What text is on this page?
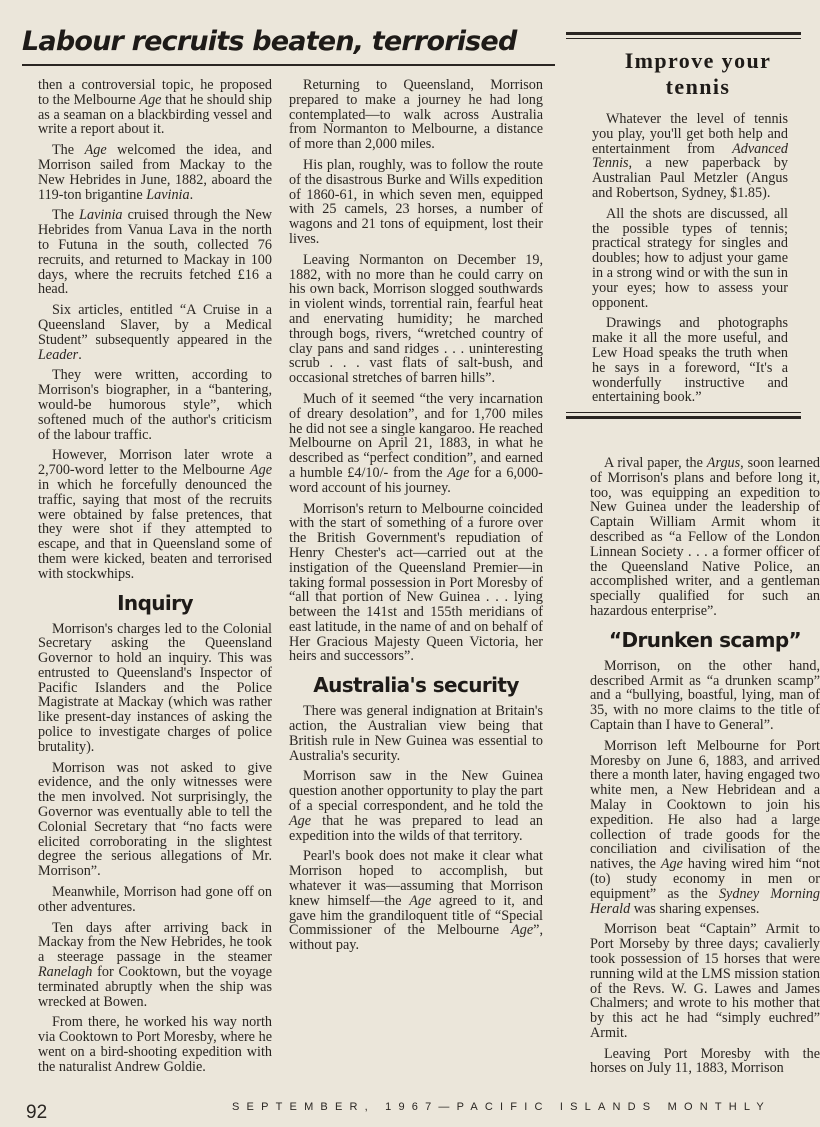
Labour recruits beaten, terrorised

then a controversial topic, he proposed to the Melbourne Age that he should ship as a seaman on a blackbirding vessel and write a report about it.

The Age welcomed the idea, and Morrison sailed from Mackay to the New Hebrides in June, 1882, aboard the 119-ton brigantine Lavinia.

The Lavinia cruised through the New Hebrides from Vanua Lava in the north to Futuna in the south, collected 76 recruits, and returned to Mackay in 100 days, where the recruits fetched £16 a head.

Six articles, entitled “A Cruise in a Queensland Slaver, by a Medical Student” subsequently appeared in the Leader.

They were written, according to Morrison's biographer, in a “bantering, would-be humorous style”, which softened much of the author's criticism of the labour traffic.

However, Morrison later wrote a 2,700-word letter to the Melbourne Age in which he forcefully denounced the traffic, saying that most of the recruits were obtained by false pretences, that they were shot if they attempted to escape, and that in Queensland some of them were kicked, beaten and terrorised with stockwhips.

Inquiry

Morrison's charges led to the Colonial Secretary asking the Queensland Governor to hold an inquiry. This was entrusted to Queensland's Inspector of Pacific Islanders and the Police Magistrate at Mackay (which was rather like present-day instances of asking the police to investigate charges of police brutality).

Morrison was not asked to give evidence, and the only witnesses were the men involved. Not surprisingly, the Governor was eventually able to tell the Colonial Secretary that “no facts were elicited corroborating in the slightest degree the serious allegations of Mr. Morrison”.

Meanwhile, Morrison had gone off on other adventures.

Ten days after arriving back in Mackay from the New Hebrides, he took a steerage passage in the steamer Ranelagh for Cooktown, but the voyage terminated abruptly when the ship was wrecked at Bowen.

From there, he worked his way north via Cooktown to Port Moresby, where he went on a bird-shooting expedition with the naturalist Andrew Goldie.

Returning to Queensland, Morrison prepared to make a journey he had long contemplated—to walk across Australia from Normanton to Melbourne, a distance of more than 2,000 miles.

His plan, roughly, was to follow the route of the disastrous Burke and Wills expedition of 1860-61, in which seven men, equipped with 25 camels, 23 horses, a number of wagons and 21 tons of equipment, lost their lives.

Leaving Normanton on December 19, 1882, with no more than he could carry on his own back, Morrison slogged southwards in violent winds, torrential rain, fearful heat and enervating humidity; he marched through bogs, rivers, “wretched country of clay pans and sand ridges . . . uninteresting scrub . . . vast flats of salt-bush, and occasional stretches of barren hills”.

Much of it seemed “the very incarnation of dreary desolation”, and for 1,700 miles he did not see a single kangaroo. He reached Melbourne on April 21, 1883, in what he described as “perfect condition”, and earned a humble £4/10/- from the Age for a 6,000-word account of his journey.

Morrison's return to Melbourne coincided with the start of something of a furore over the British Government's repudiation of Henry Chester's act—carried out at the instigation of the Queensland Premier—in taking formal possession in Port Moresby of “all that portion of New Guinea . . . lying between the 141st and 155th meridians of east latitude, in the name of and on behalf of Her Gracious Majesty Queen Victoria, her heirs and successors”.

Australia's security

There was general indignation at Britain's action, the Australian view being that British rule in New Guinea was essential to Australia's security.

Morrison saw in the New Guinea question another opportunity to play the part of a special correspondent, and he told the Age that he was prepared to lead an expedition into the wilds of that territory.

Pearl's book does not make it clear what Morrison hoped to accomplish, but whatever it was—assuming that Morrison knew himself—the Age agreed to it, and gave him the grandiloquent title of “Special Commissioner of the Melbourne Age”, without pay.

Improve your tennis

Whatever the level of tennis you play, you'll get both help and entertainment from Advanced Tennis, a new paperback by Australian Paul Metzler (Angus and Robertson, Sydney, $1.85).

All the shots are discussed, all the possible types of tennis; practical strategy for singles and doubles; how to adjust your game in a strong wind or with the sun in your eyes; how to assess your opponent.

Drawings and photographs make it all the more useful, and Lew Hoad speaks the truth when he says in a foreword, “It's a wonderfully instructive and entertaining book.”

A rival paper, the Argus, soon learned of Morrison's plans and before long it, too, was equipping an expedition to New Guinea under the leadership of Captain William Armit whom it described as “a Fellow of the London Linnean Society . . . a former officer of the Queensland Native Police, an accomplished writer, and a gentleman specially qualified for such an hazardous enterprise”.

“Drunken scamp”

Morrison, on the other hand, described Armit as “a drunken scamp” and a “bullying, boastful, lying, man of 35, with no more claims to the title of Captain than I have to General”.

Morrison left Melbourne for Port Moresby on June 6, 1883, and arrived there a month later, having engaged two white men, a New Hebridean and a Malay in Cooktown to join his expedition. He also had a large collection of trade goods for the conciliation and civilisation of the natives, the Age having wired him “not (to) study economy in men or equipment” as the Sydney Morning Herald was sharing expenses.

Morrison beat “Captain” Armit to Port Morseby by three days; cavalierly took possession of 15 horses that were running wild at the LMS mission station of the Revs. W. G. Lawes and James Chalmers; and wrote to his mother that by this act he had “simply euchred” Armit.

Leaving Port Moresby with the horses on July 11, 1883, Morrison

92	SEPTEMBER, 1967—PACIFIC ISLANDS MONTHLY
